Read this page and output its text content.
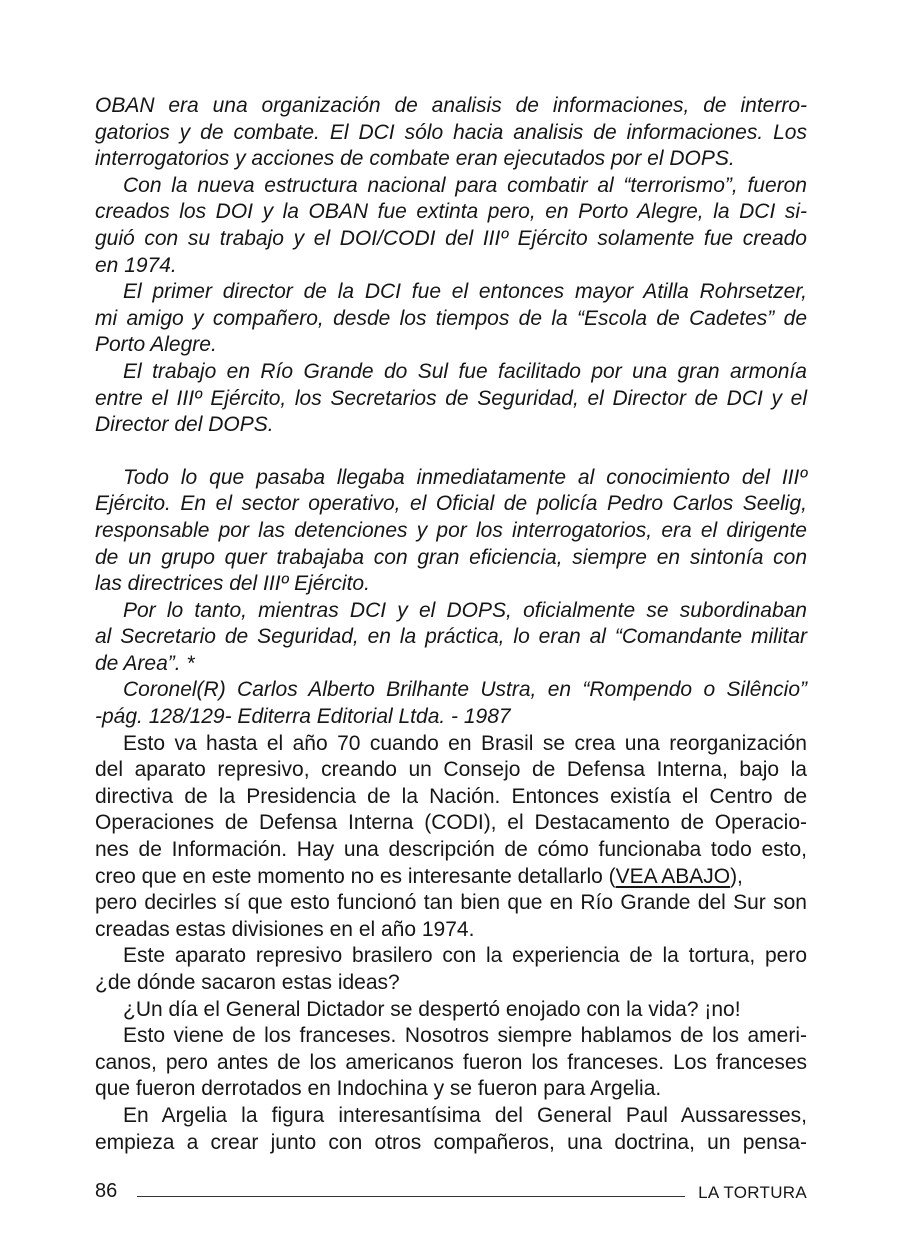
OBAN era una organización de analisis de informaciones, de interro-
gatorios y de combate. El DCI sólo hacia analisis de informaciones. Los
interrogatorios y acciones de combate eran ejecutados por el DOPS.
Con la nueva estructura nacional para combatir al “terrorismo”, fueron
creados los DOI y la OBAN fue extinta pero, en Porto Alegre, la DCI si-
guió con su trabajo y el DOI/CODI del IIIº Ejército solamente fue creado
en 1974.
El primer director de la DCI fue el entonces mayor Atilla Rohrsetzer,
mi amigo y compañero, desde los tiempos de la “Escola de Cadetes” de
Porto Alegre.
El trabajo en Río Grande do Sul fue facilitado por una gran armonía
entre el IIIº Ejército, los Secretarios de Seguridad, el Director de DCI y el
Director del DOPS.
Todo lo que pasaba llegaba inmediatamente al conocimiento del IIIº
Ejército. En el sector operativo, el Oficial de policía Pedro Carlos Seelig,
responsable por las detenciones y por los interrogatorios, era el dirigente
de un grupo quer trabajaba con gran eficiencia, siempre en sintonía con
las directrices del IIIº Ejército.
Por lo tanto, mientras DCI y el DOPS, oficialmente se subordinaban
al Secretario de Seguridad, en la práctica, lo eran al “Comandante militar
de Area”. *
Coronel(R) Carlos Alberto Brilhante Ustra, en “Rompendo o Silêncio”
-pág. 128/129- Editerra Editorial Ltda. - 1987
Esto va hasta el año 70 cuando en Brasil se crea una reorganización
del aparato represivo, creando un Consejo de Defensa Interna, bajo la
directiva de la Presidencia de la Nación. Entonces existía el Centro de
Operaciones de Defensa Interna (CODI), el Destacamento de Operacio-
nes de Información. Hay una descripción de cómo funcionaba todo esto,
creo que en este momento no es interesante detallarlo (VEA ABAJO),
pero decirles sí que esto funcionó tan bien que en Río Grande del Sur son
creadas estas divisiones en el año 1974.
Este aparato represivo brasilero con la experiencia de la tortura, pero
¿de dónde sacaron estas ideas?
¿Un día el General Dictador se despertó enojado con la vida? ¡no!
Esto viene de los franceses. Nosotros siempre hablamos de los ameri-
canos, pero antes de los americanos fueron los franceses. Los franceses
que fueron derrotados en Indochina y se fueron para Argelia.
En Argelia la figura interesantísima del General Paul Aussaresses,
empieza a crear junto con otros compañeros, una doctrina, un pensa-
86	LA TORTURA
